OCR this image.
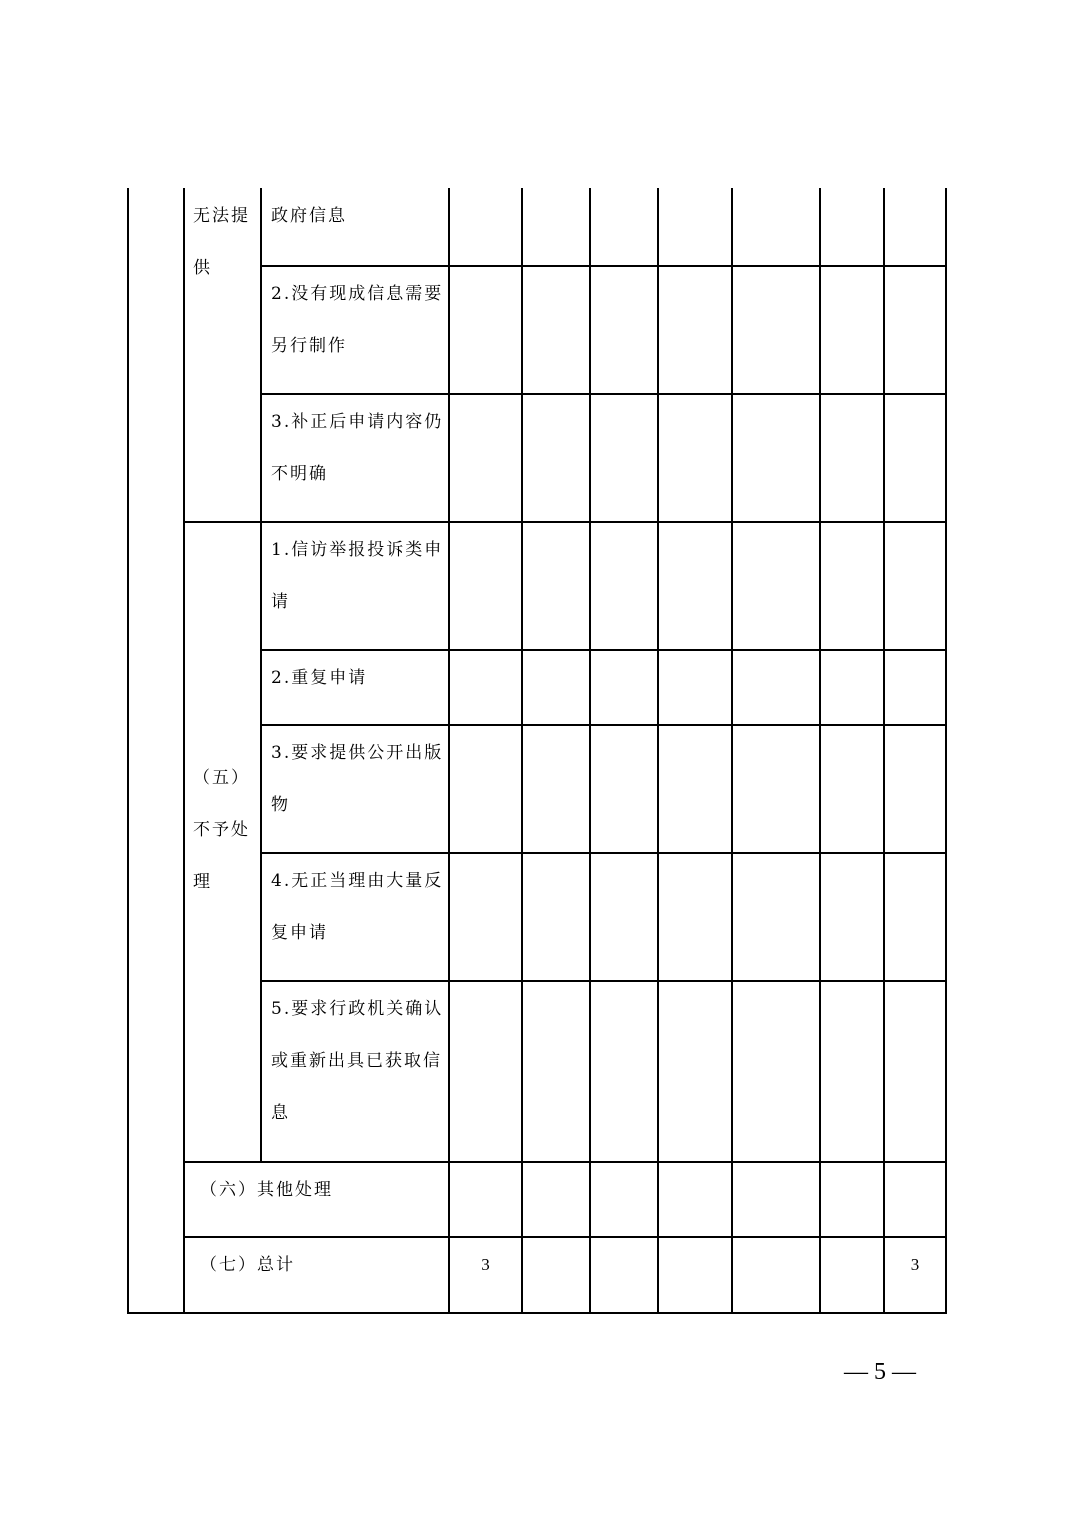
无法提
供
政府信息
2.没有现成信息需要
另行制作
3.补正后申请内容仍
不明确
（五）
不予处
理
1.信访举报投诉类申
请
2.重复申请
3.要求提供公开出版
物
4.无正当理由大量反
复申请
5.要求行政机关确认
或重新出具已获取信
息
（六）其他处理
（七）总计	3	3
— 5 —
